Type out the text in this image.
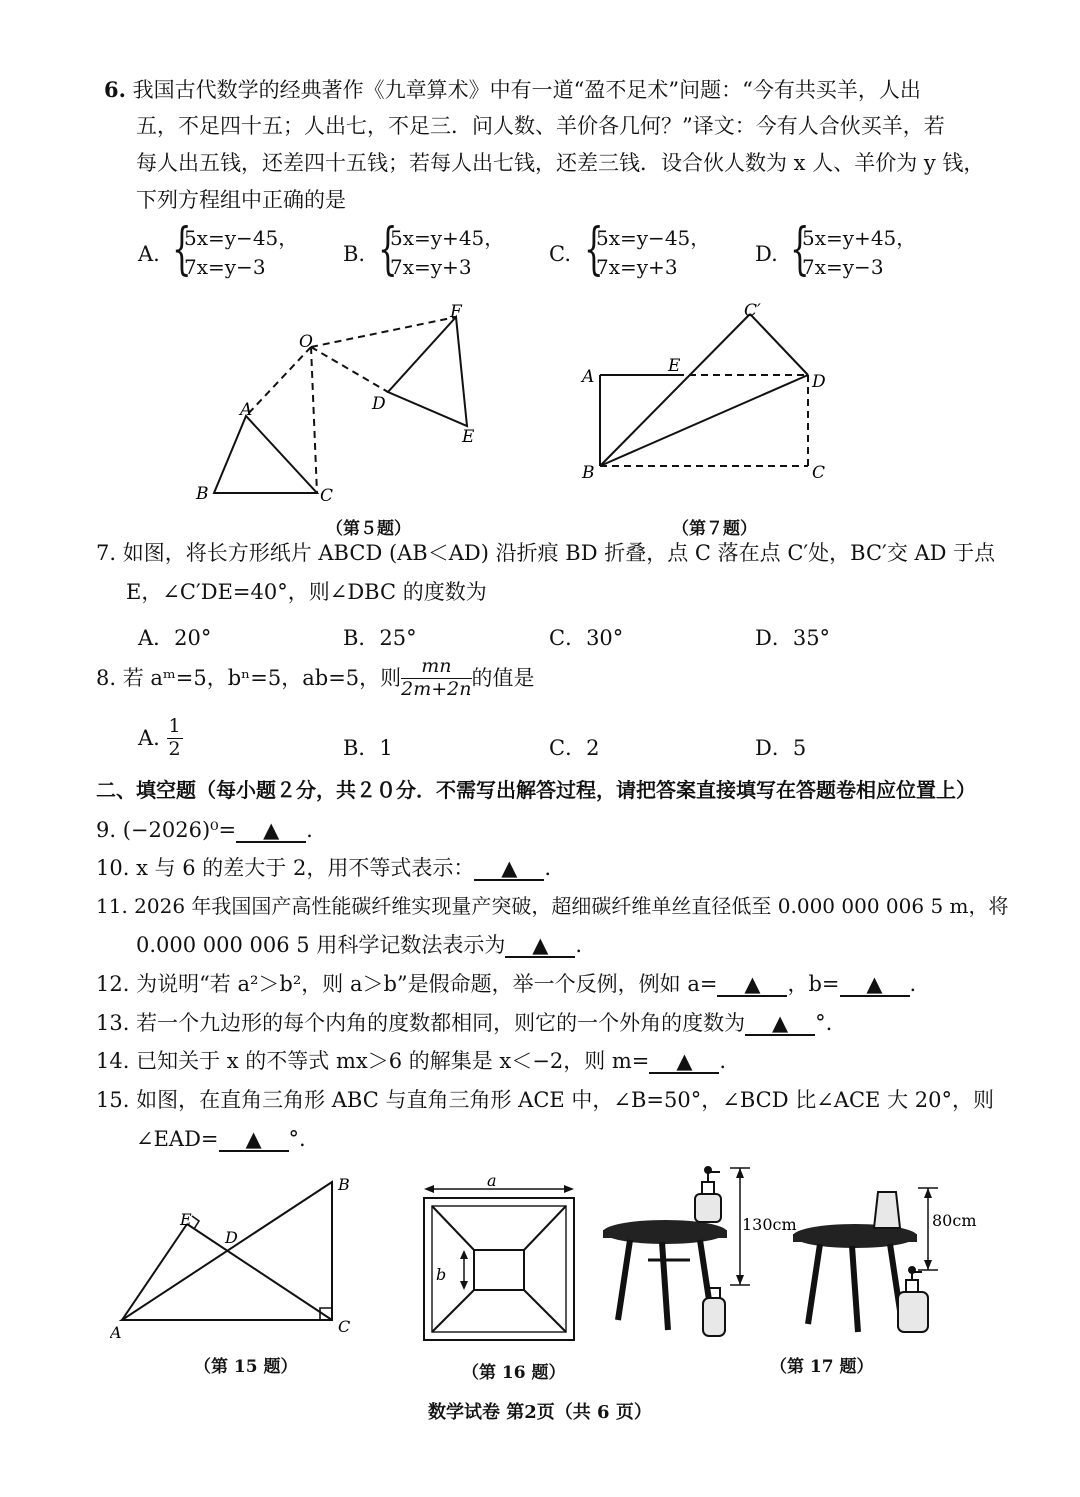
6. 我国古代数学的经典著作《九章算术》中有一道“盈不足术”问题：“今有共买羊，人出
五，不足四十五；人出七，不足三．问人数、羊价各几何？”译文：今有人合伙买羊，若
每人出五钱，还差四十五钱；若每人出七钱，还差三钱．设合伙人数为 x 人、羊价为 y 钱，
下列方程组中正确的是
A. {
5x=y−45，
7x=y−3
B. {
5x=y+45，
7x=y+3
C. {
5x=y−45，
7x=y+3
D. {
5x=y+45，
7x=y−3
O
A
B	C
D
E
F
（第５题）
A
B	C
D
E
C′
（第７题）
7. 如图，将长方形纸片 ABCD (AB＜AD) 沿折痕 BD 折叠，点 C 落在点 C′处，BC′交 AD 于点
E，∠C′DE=40°，则∠DBC 的度数为
A．20°	B．25°	C．30°	D．35°
8. 若 aᵐ=5，bⁿ=5，ab=5，则 $\frac{mn}{2m+2n}$ 的值是
A. $\frac{1}{2}$	B．1	C．2	D．5
二、填空题（每小题２分，共２０分．不需写出解答过程，请把答案直接填写在答题卷相应位置上）
9. (−2026)⁰= ▲ .
10. x 与 6 的差大于 2，用不等式表示： ▲ .
11. 2026 年我国国产高性能碳纤维实现量产突破，超细碳纤维单丝直径低至 0.000 000 006 5 m，将
0.000 000 006 5 用科学记数法表示为 ▲ .
12. 为说明“若 a²＞b²，则 a＞b”是假命题，举一个反例，例如 a= ▲ ，b= ▲ .
13. 若一个九边形的每个内角的度数都相同，则它的一个外角的度数为 ▲ °.
14. 已知关于 x 的不等式 mx＞6 的解集是 x＜−2，则 m= ▲ .
15. 如图，在直角三角形 ABC 与直角三角形 ACE 中，∠B=50°，∠BCD 比∠ACE 大 20°，则
∠EAD= ▲ °.
A
B
C
D
E
（第 15 题）
a
b
（第 16 题）
130cm	80cm
（第 17 题）
数学试卷 第2页（共 6 页）
